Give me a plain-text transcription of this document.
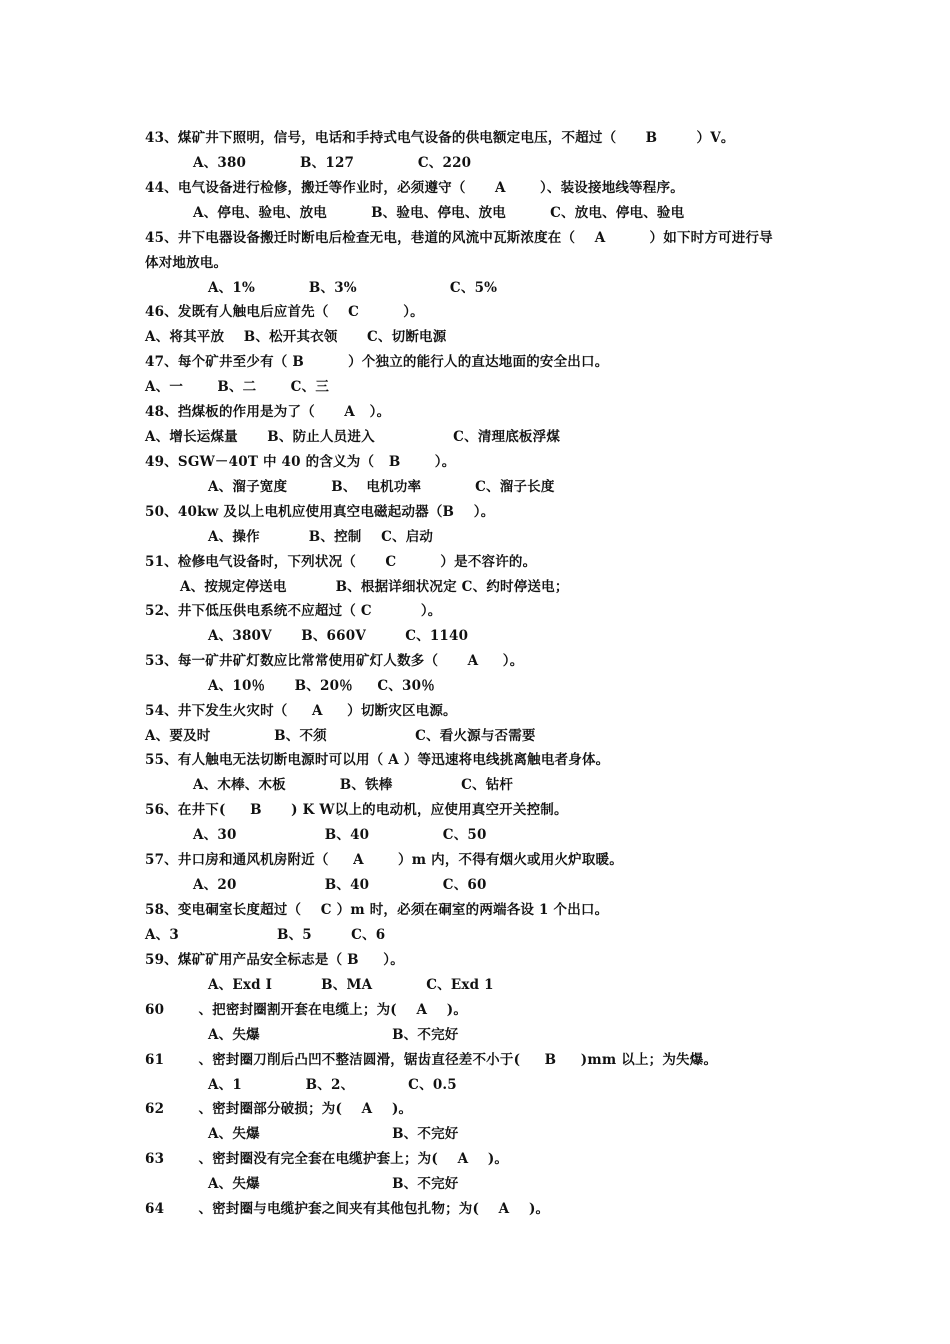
43、煤矿井下照明，信号，电话和手持式电气设备的供电额定电压，不超过（      B        ）V。
A、380           B、127             C、220
44、电气设备进行检修，搬迁等作业时，必须遵守（      A       ）、装设接地线等程序。
A、停电、验电、放电         B、验电、停电、放电         C、放电、停电、验电
45、井下电器设备搬迁时断电后检查无电，巷道的风流中瓦斯浓度在（    A         ）如下时方可进行导
体对地放电。
A、1%           B、3%                   C、5%
46、发既有人触电后应首先（    C         ）。
A、将其平放    B、松开其衣领      C、切断电源
47、每个矿井至少有（ B         ）个独立的能行人的直达地面的安全出口。
A、一       B、二       C、三
48、挡煤板的作用是为了（      A   ）。
A、增长运煤量      B、防止人员进入                C、清理底板浮煤
49、SGW－40T 中 40 的含义为（   B       ）。
A、溜子宽度         B、  电机功率           C、溜子长度
50、40kw 及以上电机应使用真空电磁起动器（B    ）。
A、操作          B、控制    C、启动
51、检修电气设备时，下列状况（      C         ）是不容许的。
A、按规定停送电          B、根据详细状况定 C、约时停送电；
52、井下低压供电系统不应超过（ C          ）。
A、380V      B、660V        C、1140
53、每一矿井矿灯数应比常常使用矿灯人数多（      A     ）。
A、10％      B、20％     C、30％
54、井下发生火灾时（     A     ）切断灾区电源。
A、要及时             B、不须                  C、看火源与否需要
55、有人触电无法切断电源时可以用（ A ）等迅速将电线挑离触电者身体。
A、木棒、木板           B、铁棒              C、钻杆
56、在井下(     B      ) K W以上的电动机，应使用真空开关控制。
A、30                  B、40               C、50
57、井口房和通风机房附近（     A       ）m 内，不得有烟火或用火炉取暖。
A、20                  B、40               C、60
58、变电硐室长度超过（    C ）m 时，必须在硐室的两端各设 1 个出口。
A、3                    B、5        C、6
59、煤矿矿用产品安全标志是（ B     ）。
A、Exd I          B、MA           C、Exd 1
60       、把密封圈割开套在电缆上；为(    A    )。
A、失爆                           B、不完好
61       、密封圈刀削后凸凹不整洁圆滑，锯齿直径差不小于(     B     )mm 以上；为失爆。
A、1             B、2、           C、0.5
62       、密封圈部分破损；为(    A    )。
A、失爆                           B、不完好
63       、密封圈没有完全套在电缆护套上；为(    A    )。
A、失爆                           B、不完好
64       、密封圈与电缆护套之间夹有其他包扎物；为(    A    )。
